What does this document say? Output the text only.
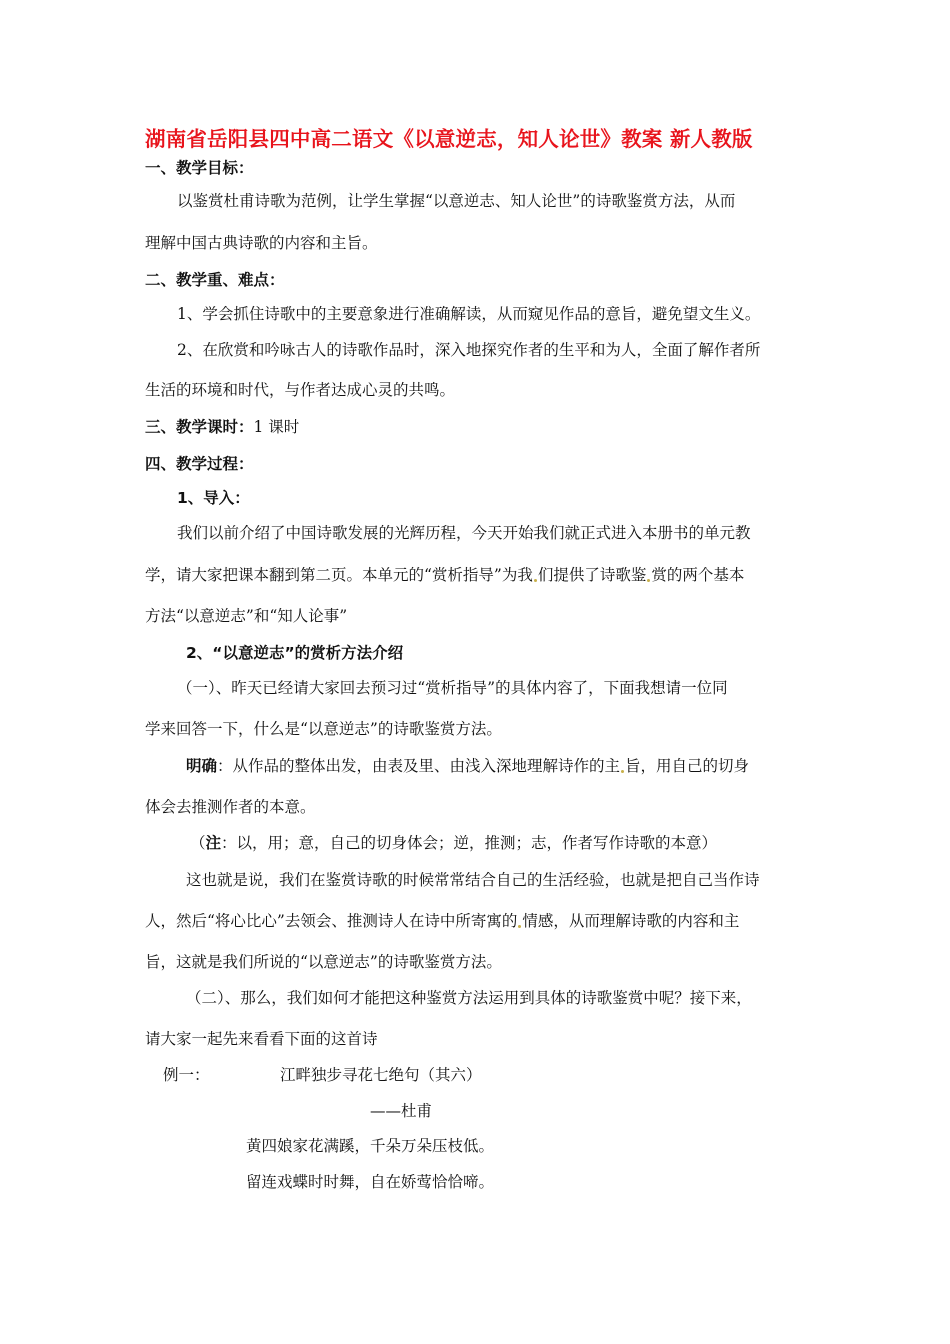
湖南省岳阳县四中高二语文《以意逆志，知人论世》教案 新人教版
一、教学目标：
以鉴赏杜甫诗歌为范例，让学生掌握“以意逆志、知人论世”的诗歌鉴赏方法，从而
理解中国古典诗歌的内容和主旨。
二、教学重、难点：
1、学会抓住诗歌中的主要意象进行准确解读，从而窥见作品的意旨，避免望文生义。
2、在欣赏和吟咏古人的诗歌作品时，深入地探究作者的生平和为人，全面了解作者所
生活的环境和时代，与作者达成心灵的共鸣。
三、教学课时：1 课时
四、教学过程：
1、导入：
我们以前介绍了中国诗歌发展的光辉历程，今天开始我们就正式进入本册书的单元教
学，请大家把课本翻到第二页。本单元的“赏析指导”为我 们提供了诗歌鉴 赏的两个基本
方法“以意逆志”和“知人论事”
2、“以意逆志”的赏析方法介绍
（一）、昨天已经请大家回去预习过“赏析指导”的具体内容了，下面我想请一位同
学来回答一下，什么是“以意逆志”的诗歌鉴赏方法。
明确：从作品的整体出发，由表及里、由浅入深地理解诗作的主 旨，用自己的切身
体会去推测作者的本意。
（注：以，用；意，自己的切身体会；逆，推测；志，作者写作诗歌的本意）
这也就是说，我们在鉴赏诗歌的时候常常结合自己的生活经验，也就是把自己当作诗
人，然后“将心比心”去领会、推测诗人在诗中所寄寓的 情感，从而理解诗歌的内容和主
旨，这就是我们所说的“以意逆志”的诗歌鉴赏方法。
（二）、那么，我们如何才能把这种鉴赏方法运用到具体的诗歌鉴赏中呢？接下来，
请大家一起先来看看下面的这首诗
例一：	江畔独步寻花七绝句（其六）
——杜甫
黄四娘家花满蹊，千朵万朵压枝低。
留连戏蝶时时舞，自在娇莺恰恰啼。
